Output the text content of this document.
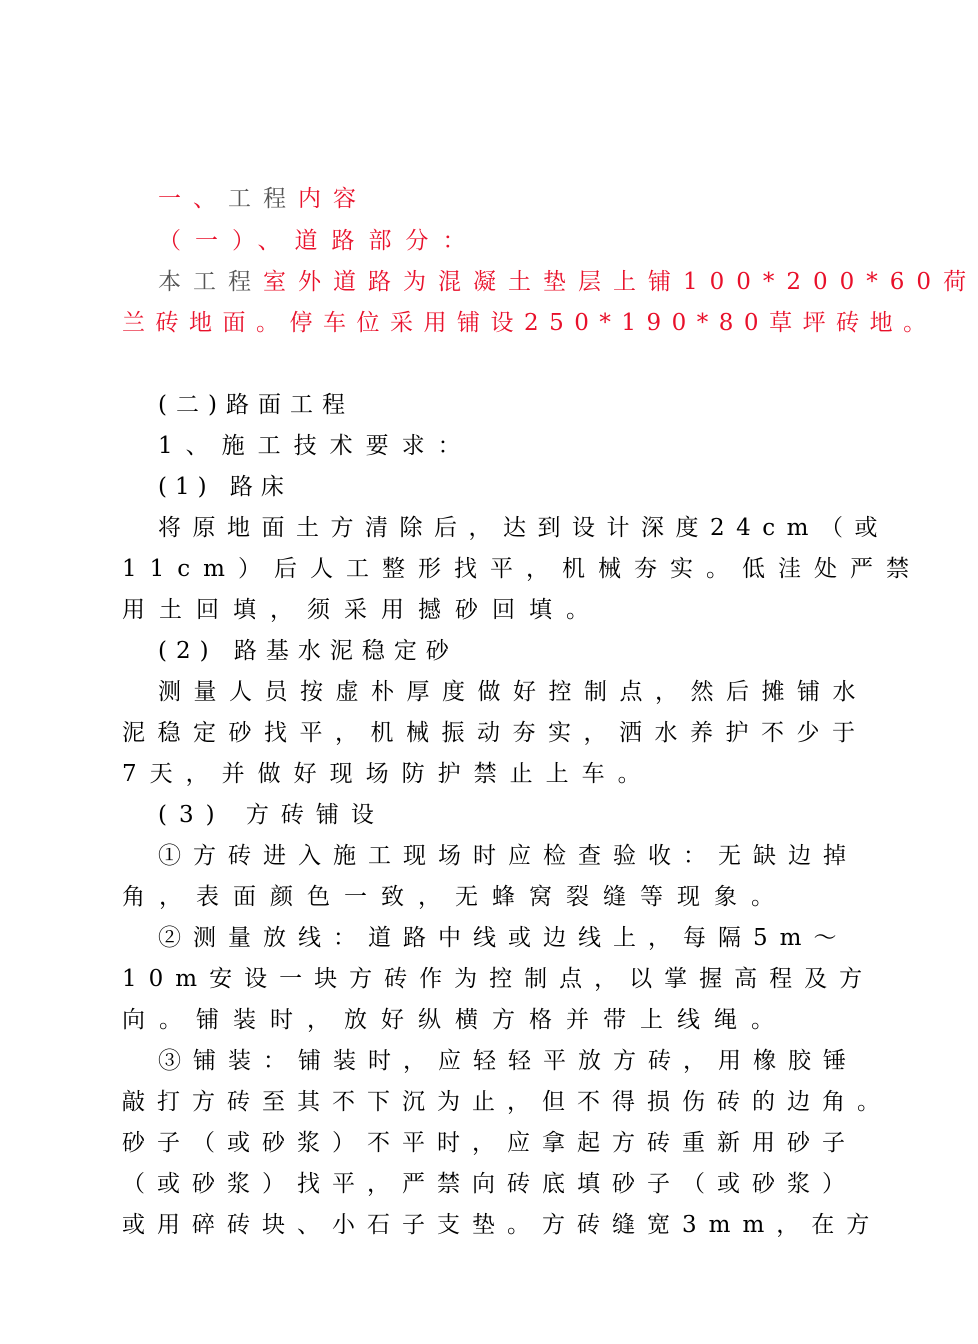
一、工程内容
（一）、道路部分：
本工程 室外道路为混凝土垫层上铺100*200*60荷
兰砖地面。停车位采用铺设250*190*80草坪砖地。
(二)路面工程
1、施工技术要求：
(1) 路床
将原地面土方清除后，达到设计深度24cm（或
11cm）后人工整形找平，机械夯实。低洼处严禁
用土回填，须采用撼砂回填。
(2) 路基水泥稳定砂
测量人员按虚朴厚度做好控制点，然后摊铺水
泥稳定砂找平，机械振动夯实，洒水养护不少于
7天，并做好现场防护禁止上车。
(3) 方砖铺设
①方砖进入施工现场时应检查验收：无缺边掉
角，表面颜色一致，无蜂窝裂缝等现象。
②测量放线：道路中线或边线上，每隔5m～
10m安设一块方砖作为控制点，以掌握高程及方
向。铺装时，放好纵横方格并带上线绳。
③铺装：铺装时，应轻轻平放方砖，用橡胶锤
敲打方砖至其不下沉为止，但不得损伤砖的边角。
砂子（或砂浆）不平时，应拿起方砖重新用砂子
（或砂浆）找平，严禁向砖底填砂子（或砂浆）
或用碎砖块、小石子支垫。方砖缝宽3mm，在方
